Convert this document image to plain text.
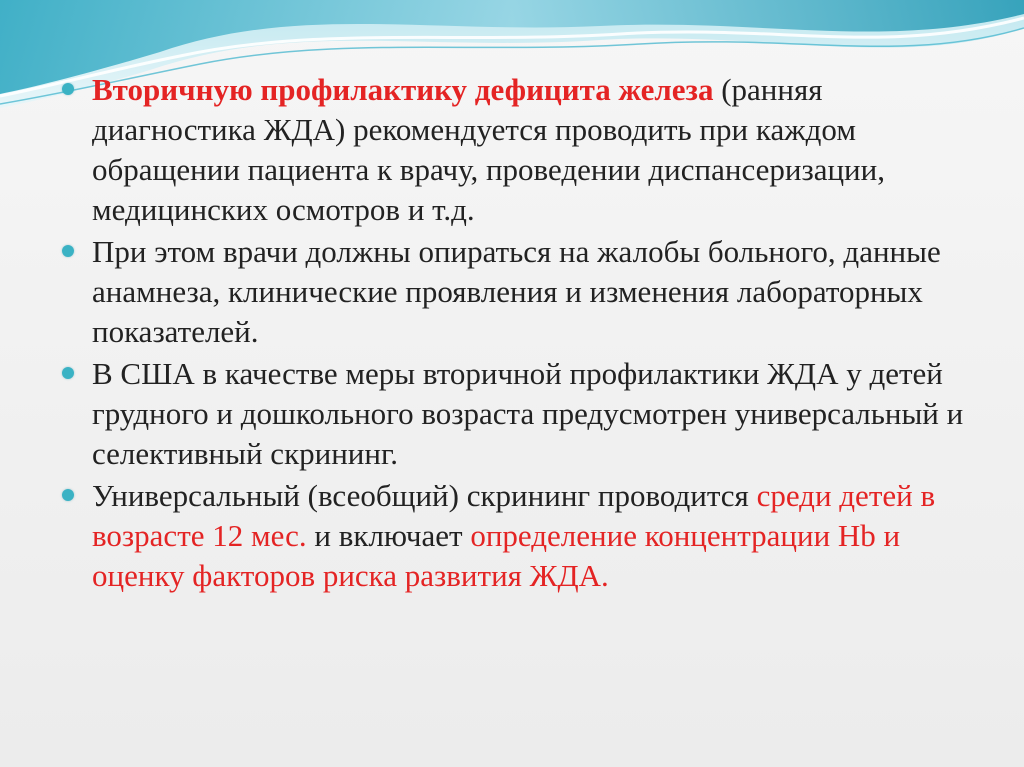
Вторичную профилактику дефицита железа (ранняя диагностика ЖДА) рекомендуется проводить при каждом обращении пациента к врачу, проведении диспансеризации, медицинских осмотров и т.д.
При этом врачи должны опираться на жалобы больного, данные анамнеза, клинические проявления и изменения лабораторных показателей.
В США в качестве меры вторичной профилактики ЖДА у детей грудного и дошкольного возраста предусмотрен универсальный и селективный скрининг.
Универсальный (всеобщий) скрининг проводится среди детей в возрасте 12 мес. и включает определение концентрации Hb и оценку факторов риска развития ЖДА.
